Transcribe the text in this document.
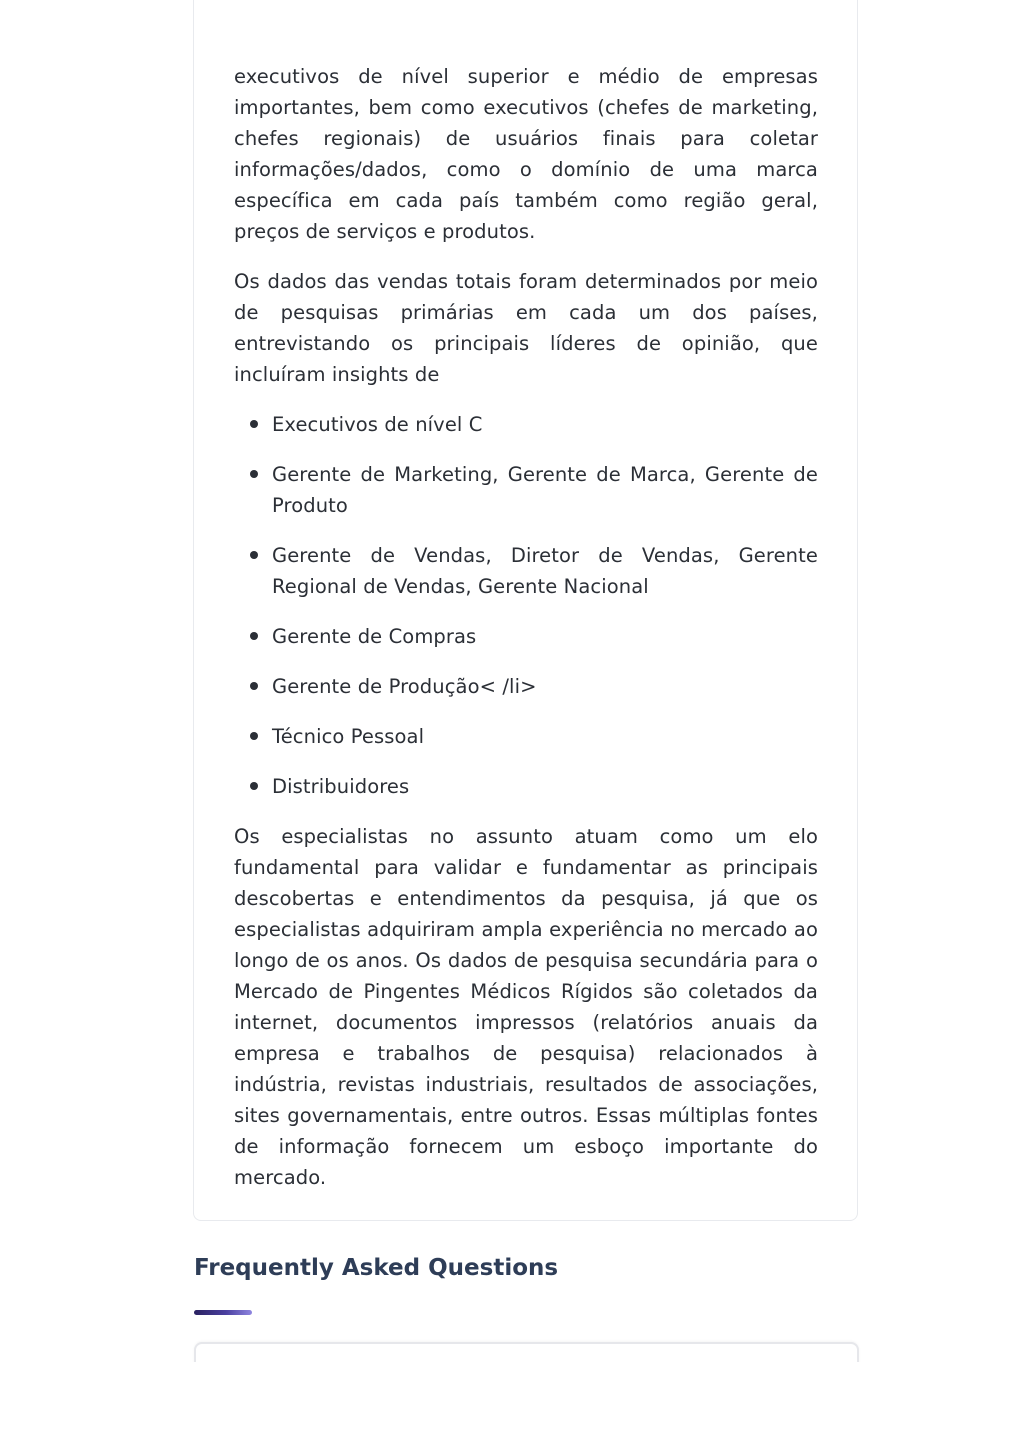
executivos de nível superior e médio de empresas importantes, bem como executivos (chefes de marketing, chefes regionais) de usuários finais para coletar informações/dados, como o domínio de uma marca específica em cada país também como região geral, preços de serviços e produtos.

Os dados das vendas totais foram determinados por meio de pesquisas primárias em cada um dos países, entrevistando os principais líderes de opinião, que incluíram insights de

Executivos de nível C
Gerente de Marketing, Gerente de Marca, Gerente de Produto
Gerente de Vendas, Diretor de Vendas, Gerente Regional de Vendas, Gerente Nacional
Gerente de Compras
Gerente de Produção< /li>
Técnico Pessoal
Distribuidores

Os especialistas no assunto atuam como um elo fundamental para validar e fundamentar as principais descobertas e entendimentos da pesquisa, já que os especialistas adquiriram ampla experiência no mercado ao longo de os anos. Os dados de pesquisa secundária para o Mercado de Pingentes Médicos Rígidos são coletados da internet, documentos impressos (relatórios anuais da empresa e trabalhos de pesquisa) relacionados à indústria, revistas industriais, resultados de associações, sites governamentais, entre outros. Essas múltiplas fontes de informação fornecem um esboço importante do mercado.

Frequently Asked Questions
